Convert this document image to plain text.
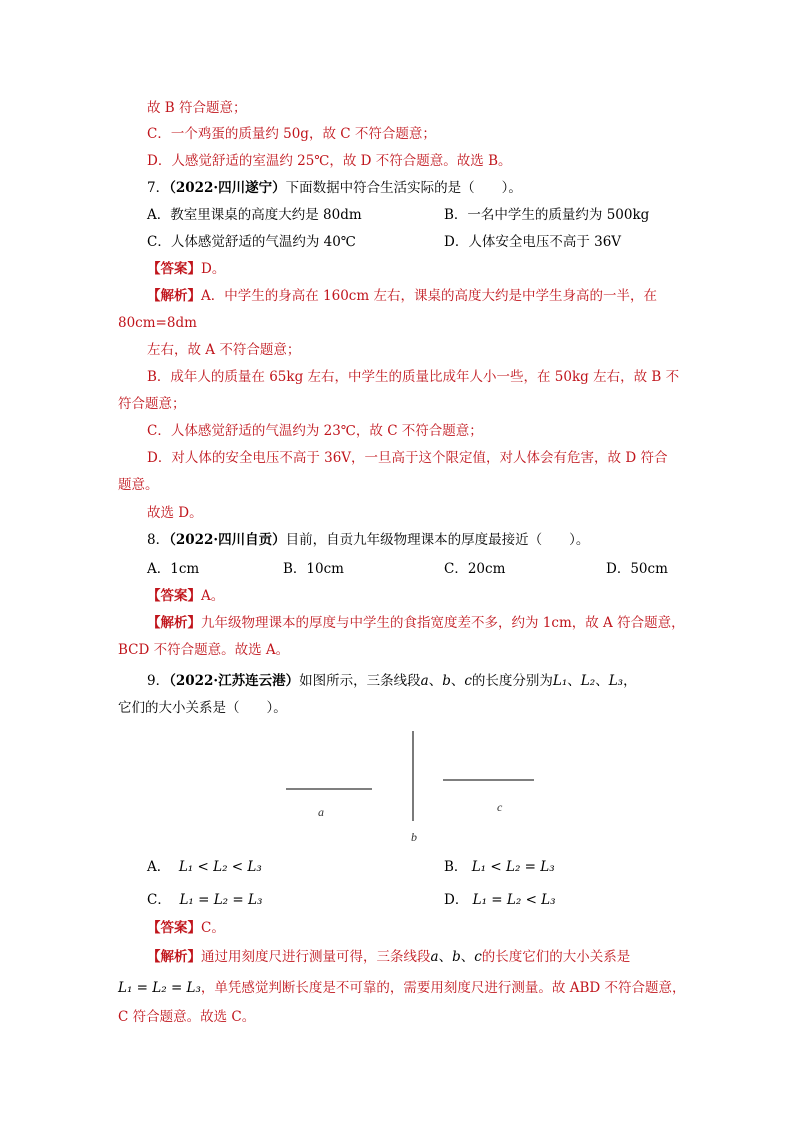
故 B 符合题意；
C．一个鸡蛋的质量约 50g，故 C 不符合题意；
D．人感觉舒适的室温约 25℃，故 D 不符合题意。故选 B。
7．（2022·四川遂宁）下面数据中符合生活实际的是（　　）。
A．教室里课桌的高度大约是 80dm	B．一名中学生的质量约为 500kg
C．人体感觉舒适的气温约为 40℃	D．人体安全电压不高于 36V
【答案】D。
【解析】A．中学生的身高在 160cm 左右，课桌的高度大约是中学生身高的一半，在
80cm=8dm
左右，故 A 不符合题意；
B．成年人的质量在 65kg 左右，中学生的质量比成年人小一些，在 50kg 左右，故 B 不
符合题意；
C．人体感觉舒适的气温约为 23℃，故 C 不符合题意；
D．对人体的安全电压不高于 36V，一旦高于这个限定值，对人体会有危害，故 D 符合
题意。
故选 D。
8．（2022·四川自贡）目前，自贡九年级物理课本的厚度最接近（　　）。
A．1cm	B．10cm	C．20cm	D．50cm
【答案】A。
【解析】九年级物理课本的厚度与中学生的食指宽度差不多，约为 1cm，故 A 符合题意，
BCD 不符合题意。故选 A。
9．（2022·江苏连云港）如图所示，三条线段a、b、c的长度分别为L₁、L₂、L₃，
它们的大小关系是（　　）。
a
b
c
A． L₁ < L₂ < L₃	B． L₁ < L₂ = L₃
C． L₁ = L₂ = L₃	D． L₁ = L₂ < L₃
【答案】C。
【解析】通过用刻度尺进行测量可得，三条线段a、b、c的长度它们的大小关系是
L₁ = L₂ = L₃，单凭感觉判断长度是不可靠的，需要用刻度尺进行测量。故 ABD 不符合题意，
C 符合题意。故选 C。
